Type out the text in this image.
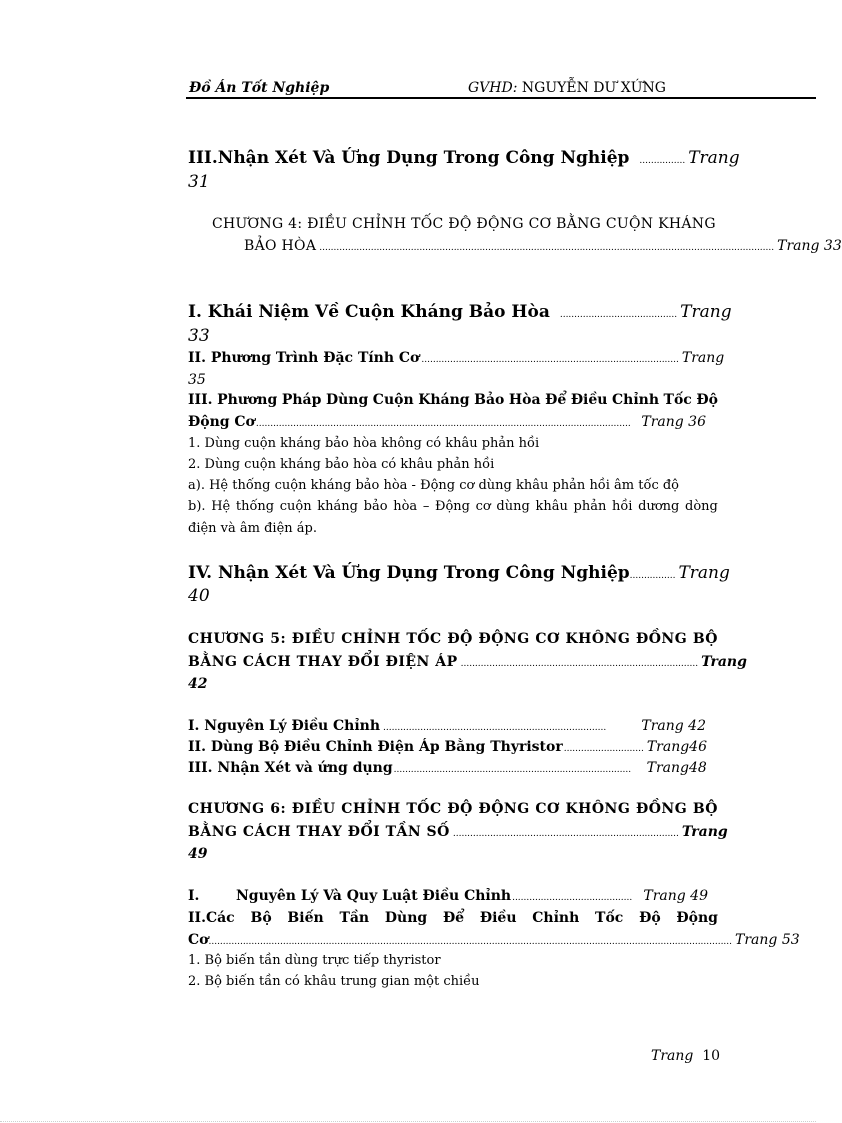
Đồ Án Tốt Nghiệp	GVHD: NGUYỄN DƯ XỨNG
III.Nhận Xét Và Ứng Dụng Trong Công Nghiệp ................ Trang
31
CHƯƠNG 4: ĐIỀU CHỈNH TỐC ĐỘ ĐỘNG CƠ BẰNG CUỘN KHÁNG
BẢO HÒA ............................................................................................................................................................... Trang 33
I. Khái Niệm Về Cuộn Kháng Bảo Hòa ......................................... Trang
33
II. Phương Trình Đặc Tính Cơ .......................................................................................... Trang
35
III. Phương Pháp Dùng Cuộn Kháng Bảo Hòa Để Điều Chỉnh Tốc Độ
Động Cơ ................................................................................................................................... Trang 36
1. Dùng cuộn kháng bảo hòa không có khâu phản hồi
2. Dùng cuộn kháng bảo hòa có khâu phản hồi
a). Hệ thống cuộn kháng bảo hòa - Động cơ dùng khâu phản hồi âm tốc độ
b). Hệ thống cuộn kháng bảo hòa – Động cơ dùng khâu phản hồi dương dòng
điện và âm điện áp.
IV. Nhận Xét Và Ứng Dụng Trong Công Nghiệp ................ Trang
40
CHƯƠNG 5: ĐIỀU CHỈNH TỐC ĐỘ ĐỘNG CƠ KHÔNG ĐỒNG BỘ
BẰNG CÁCH THAY ĐỔI ĐIỆN ÁP ................................................................................... Trang
42
I. Nguyên Lý Điều Chỉnh ..............................................................................	Trang 42
II. Dùng Bộ Điều Chỉnh Điện Áp Bằng Thyristor ............................ Trang46
III. Nhận Xét và ứng dụng ...................................................................................	Trang48
CHƯƠNG 6: ĐIỀU CHỈNH TỐC ĐỘ ĐỘNG CƠ KHÔNG ĐỒNG BỘ
BẰNG CÁCH THAY ĐỔI TẦN SỐ ............................................................................... Trang
49
I.	Nguyên Lý Và Quy Luật Điều Chỉnh .......................................... Trang 49
II.Các Bộ Biến Tần Dùng Để Điều Chỉnh Tốc Độ Động
Cơ ....................................................................................................................................................................................... Trang 53
1. Bộ biến tần dùng trực tiếp thyristor
2. Bộ biến tần có khâu trung gian một chiều
Trang 10
